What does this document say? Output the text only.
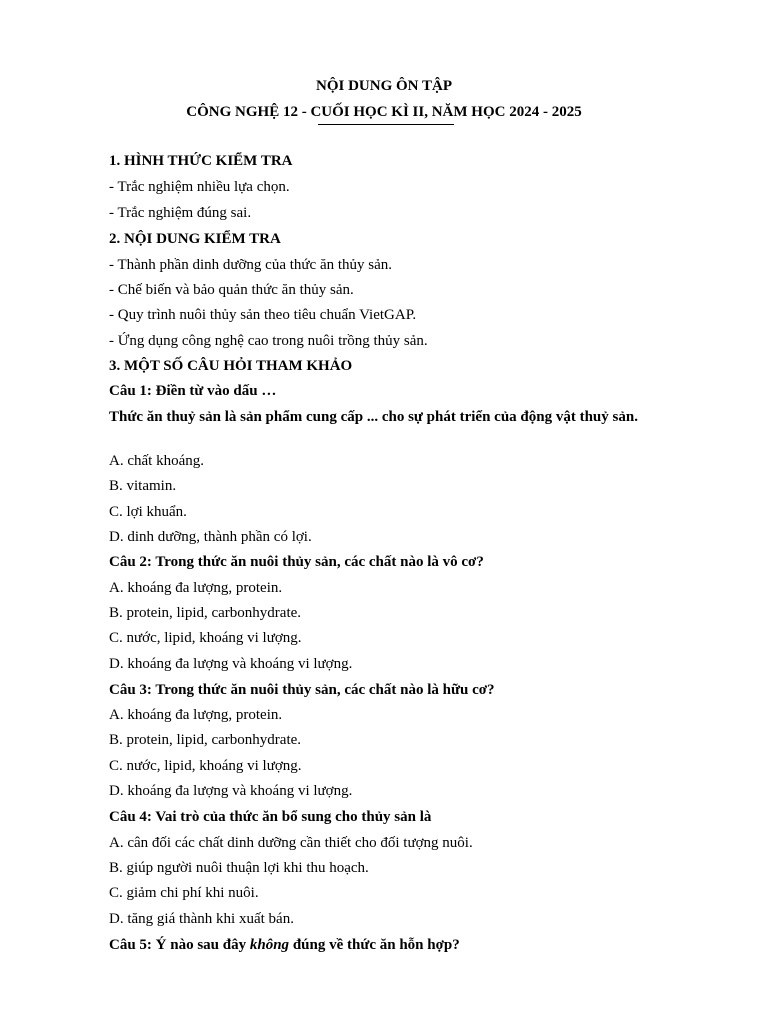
NỘI DUNG ÔN TẬP
CÔNG NGHỆ 12 - CUỐI HỌC KÌ II, NĂM HỌC 2024 - 2025
1. HÌNH THỨC KIỂM TRA
- Trắc nghiệm nhiều lựa chọn.
- Trắc nghiệm đúng sai.
2. NỘI DUNG KIỂM TRA
- Thành phần dinh dưỡng của thức ăn thủy sản.
- Chế biến và bảo quản thức ăn thủy sản.
- Quy trình nuôi thủy sản theo tiêu chuẩn VietGAP.
- Ứng dụng công nghệ cao trong nuôi trồng thủy sản.
3. MỘT SỐ CÂU HỎI THAM KHẢO
Câu 1: Điền từ vào dấu …
Thức ăn thuỷ sản là sản phẩm cung cấp ... cho sự phát triển của động vật thuỷ sản.
A. chất khoáng.
B. vitamin.
C. lợi khuẩn.
D. dinh dưỡng, thành phần có lợi.
Câu 2: Trong thức ăn nuôi thủy sản, các chất nào là vô cơ?
A. khoáng đa lượng, protein.
B. protein, lipid, carbonhydrate.
C. nước, lipid, khoáng vi lượng.
D. khoáng đa lượng và khoáng vi lượng.
Câu 3: Trong thức ăn nuôi thủy sản, các chất nào là hữu cơ?
A. khoáng đa lượng, protein.
B. protein, lipid, carbonhydrate.
C. nước, lipid, khoáng vi lượng.
D. khoáng đa lượng và khoáng vi lượng.
Câu 4: Vai trò của thức ăn bổ sung cho thủy sản là
A. cân đối các chất dinh dưỡng cần thiết cho đối tượng nuôi.
B. giúp người nuôi thuận lợi khi thu hoạch.
C. giảm chi phí khi nuôi.
D. tăng giá thành khi xuất bán.
Câu 5: Ý nào sau đây không đúng về thức ăn hỗn hợp?
